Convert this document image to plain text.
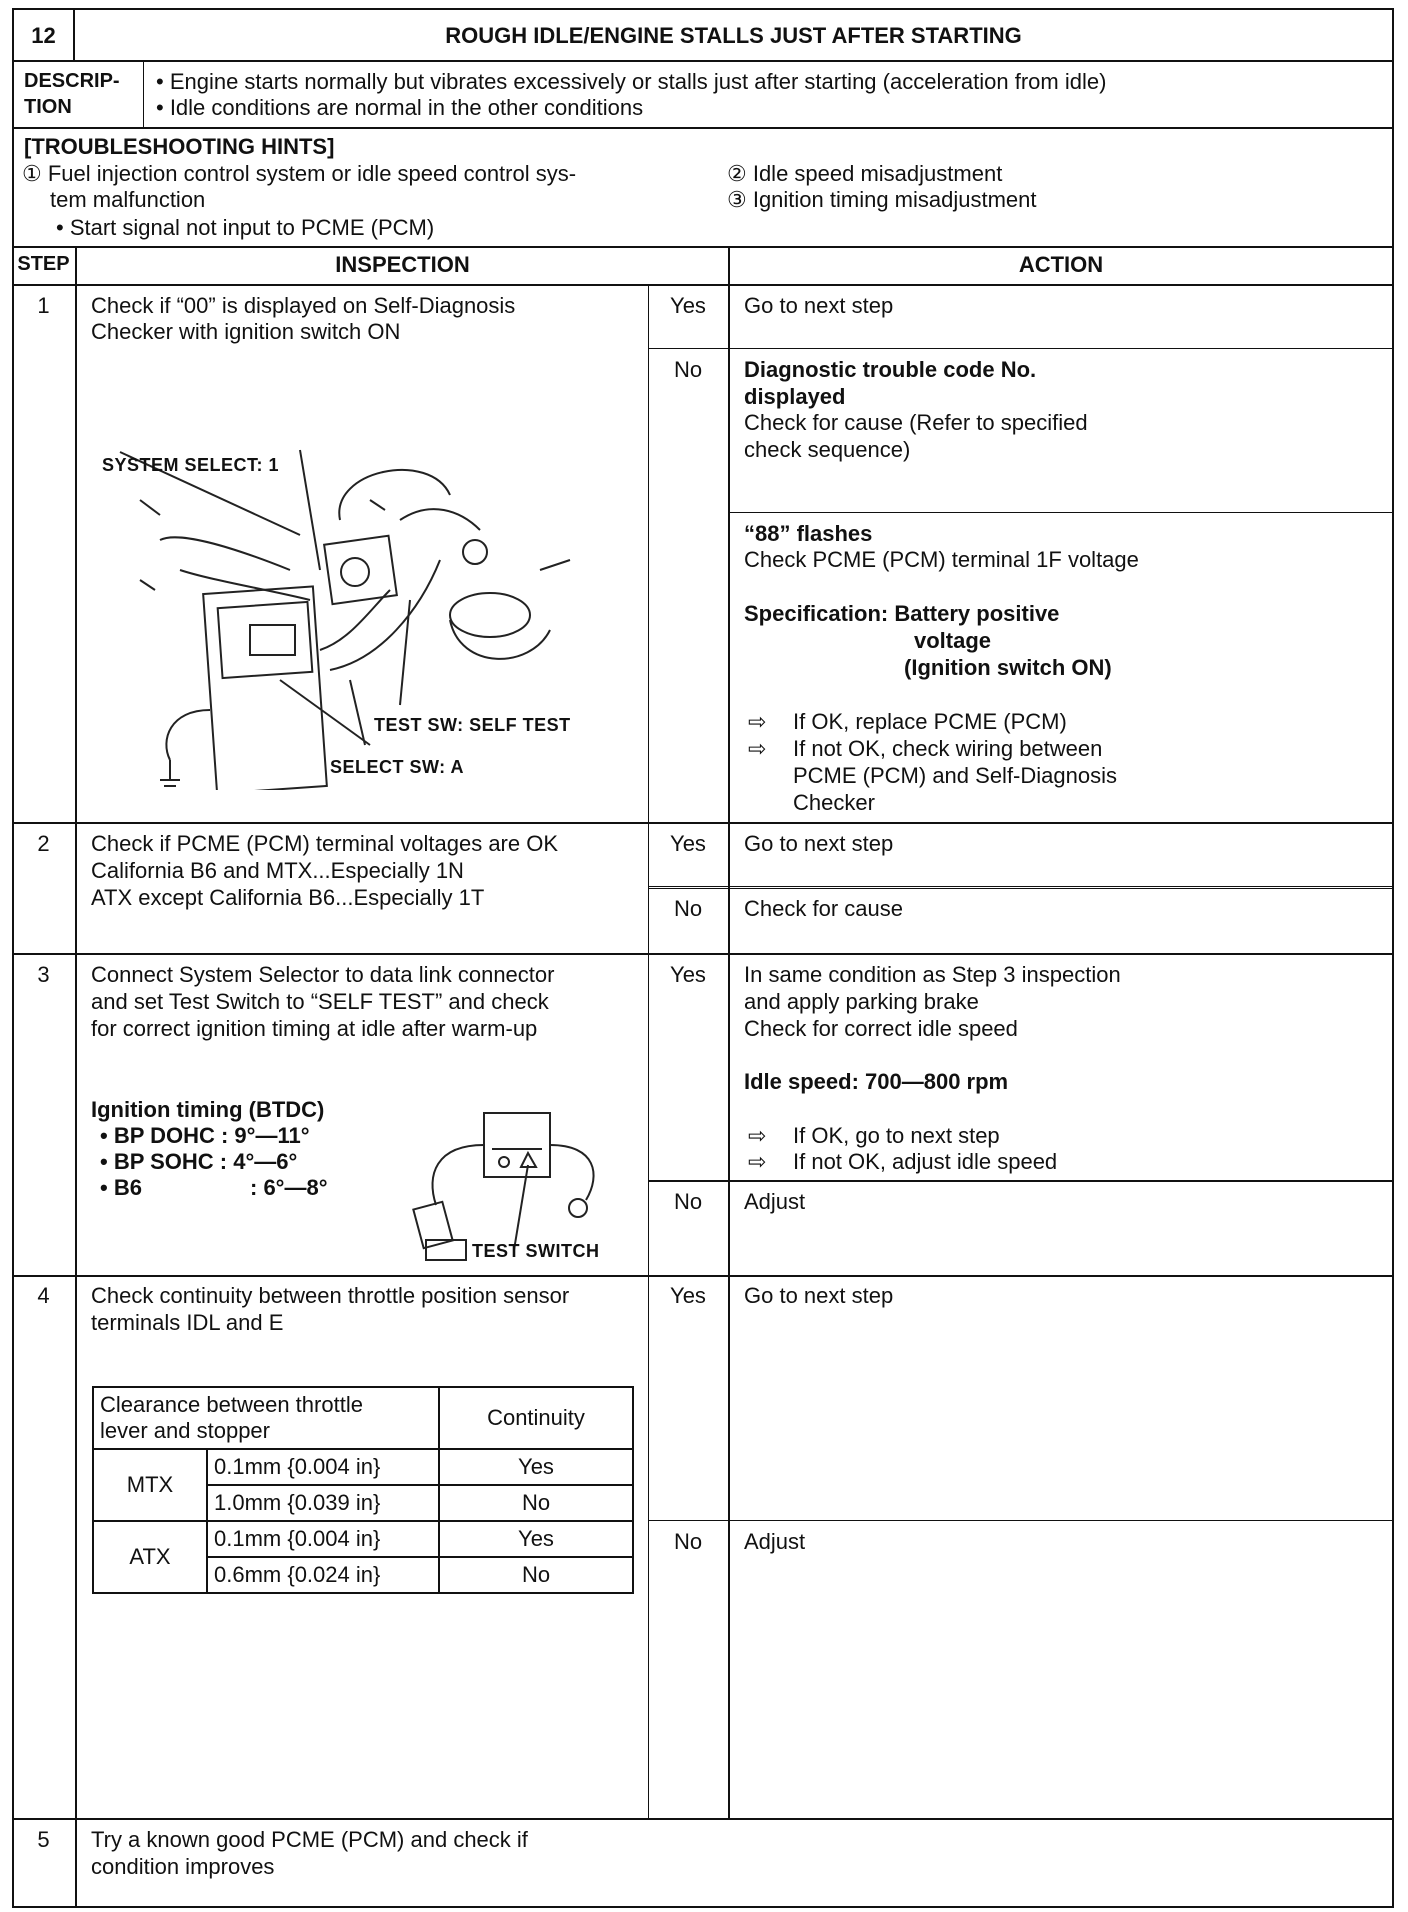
12	ROUGH IDLE/ENGINE STALLS JUST AFTER STARTING
DESCRIP-
TION
• Engine starts normally but vibrates excessively or stalls just after starting (acceleration from idle)
• Idle conditions are normal in the other conditions
[TROUBLESHOOTING HINTS]
① Fuel injection control system or idle speed control sys-
tem malfunction
• Start signal not input to PCME (PCM)
② Idle speed misadjustment
③ Ignition timing misadjustment
STEP	INSPECTION	ACTION
1	Check if “00” is displayed on Self-Diagnosis
Checker with ignition switch ON
SYSTEM SELECT: 1
TEST SW: SELF TEST
SELECT SW: A
Yes	Go to next step
No	Diagnostic trouble code No.
displayed
Check for cause (Refer to specified
check sequence)
“88” flashes
Check PCME (PCM) terminal 1F voltage
Specification: Battery positive
voltage
(Ignition switch ON)
⇨ If OK, replace PCME (PCM)
⇨ If not OK, check wiring between
PCME (PCM) and Self-Diagnosis
Checker
2	Check if PCME (PCM) terminal voltages are OK
California B6 and MTX...Especially 1N
ATX except California B6...Especially 1T
Yes	Go to next step
No	Check for cause
3	Connect System Selector to data link connector
and set Test Switch to “SELF TEST” and check
for correct ignition timing at idle after warm-up
Ignition timing (BTDC)
• BP DOHC : 9°—11°
• BP SOHC : 4°—6°
• B6	: 6°—8°
TEST SWITCH
Yes	In same condition as Step 3 inspection
and apply parking brake
Check for correct idle speed
Idle speed: 700—800 rpm
⇨ If OK, go to next step
⇨ If not OK, adjust idle speed
No	Adjust
4	Check continuity between throttle position sensor
terminals IDL and E
Clearance between throttle
lever and stopper		Continuity
MTX	0.1mm {0.004 in}	Yes
	1.0mm {0.039 in}	No
ATX	0.1mm {0.004 in}	Yes
	0.6mm {0.024 in}	No
Yes	Go to next step
No	Adjust
5	Try a known good PCME (PCM) and check if
condition improves
